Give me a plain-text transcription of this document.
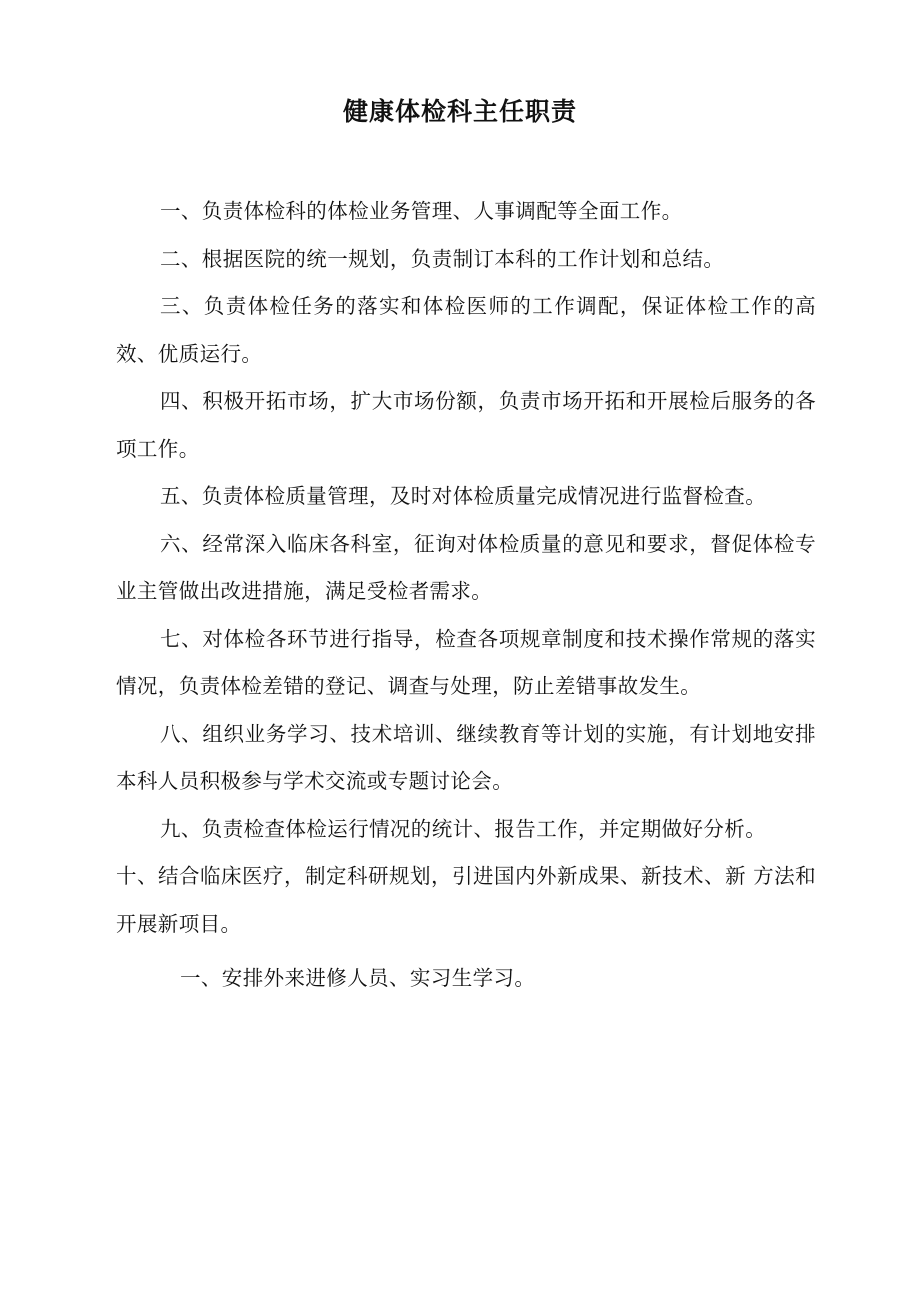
健康体检科主任职责

一、负责体检科的体检业务管理、人事调配等全面工作。

二、根据医院的统一规划，负责制订本科的工作计划和总结。

三、负责体检任务的落实和体检医师的工作调配，保证体检工作的高效、优质运行。

四、积极开拓市场，扩大市场份额，负责市场开拓和开展检后服务的各项工作。

五、负责体检质量管理，及时对体检质量完成情况进行监督检查。

六、经常深入临床各科室，征询对体检质量的意见和要求，督促体检专业主管做出改进措施，满足受检者需求。

七、对体检各环节进行指导，检查各项规章制度和技术操作常规的落实情况，负责体检差错的登记、调查与处理，防止差错事故发生。

八、组织业务学习、技术培训、继续教育等计划的实施，有计划地安排本科人员积极参与学术交流或专题讨论会。

九、负责检查体检运行情况的统计、报告工作，并定期做好分析。

十、结合临床医疗，制定科研规划，引进国内外新成果、新技术、新 方法和开展新项目。

一、安排外来进修人员、实习生学习。
